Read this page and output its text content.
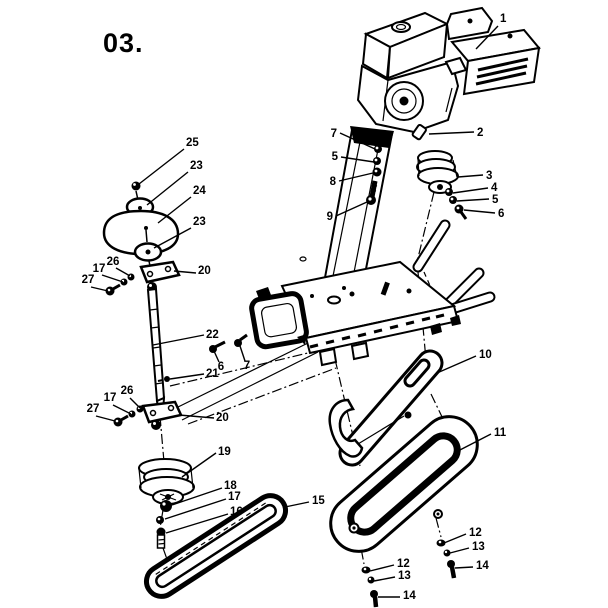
03.
1
2
3
4
5
6
7
5
8
9
25
23
24
23
20
26
17
27
22
21
6 7
20
26
17
27
19
18
17
16
15
10
11
12
13
14
12
13
14
